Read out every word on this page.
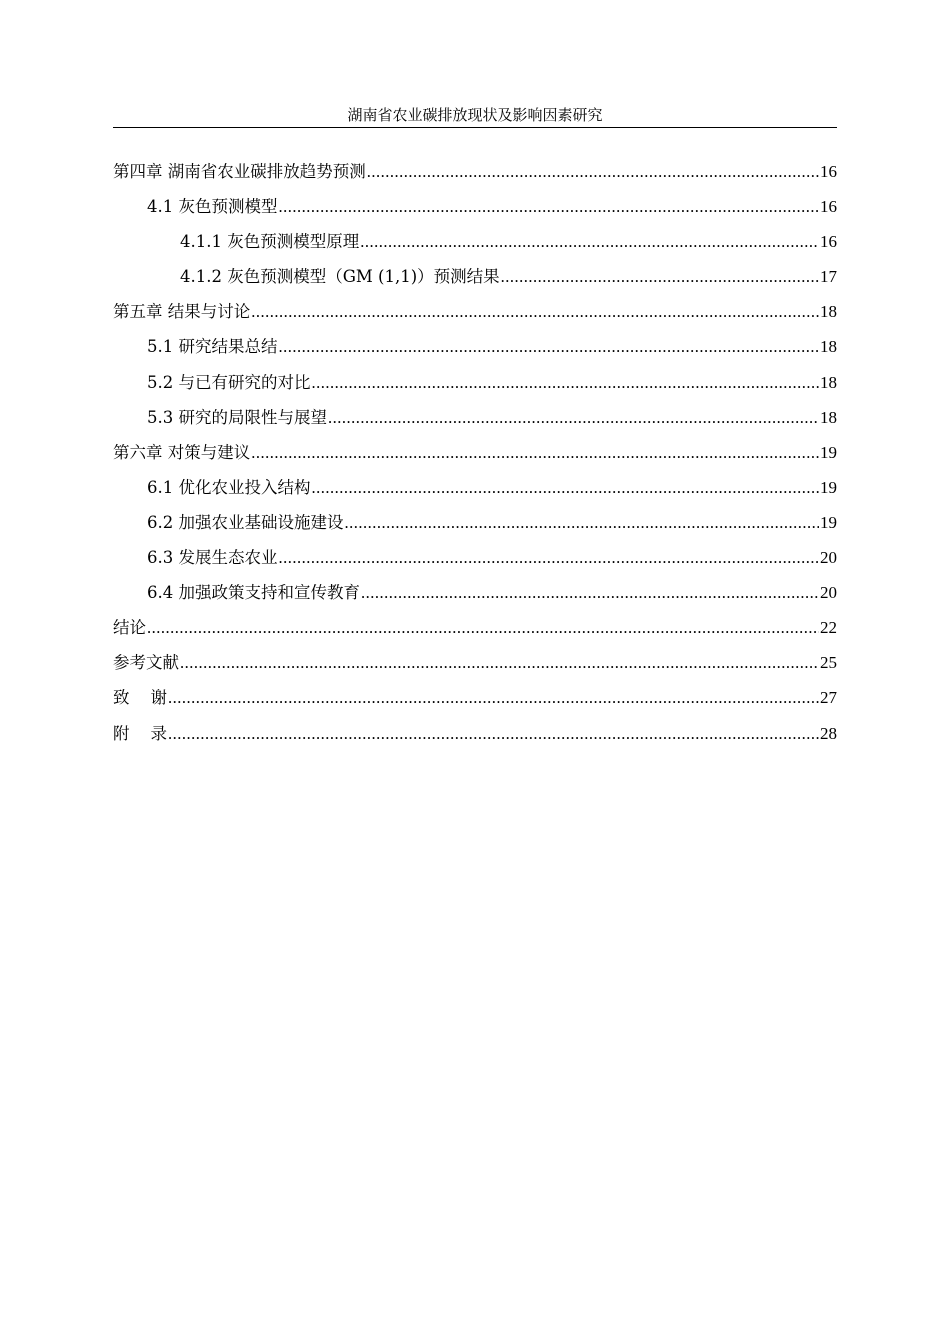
湖南省农业碳排放现状及影响因素研究
第四章 湖南省农业碳排放趋势预测 .....	16
4.1 灰色预测模型 .....	16
4.1.1 灰色预测模型原理 .....	16
4.1.2 灰色预测模型（GM (1,1)）预测结果 .....	17
第五章 结果与讨论 .....	18
5.1 研究结果总结 .....	18
5.2 与已有研究的对比 .....	18
5.3 研究的局限性与展望 .....	18
第六章 对策与建议 .....	19
6.1 优化农业投入结构 .....	19
6.2 加强农业基础设施建设 .....	19
6.3 发展生态农业 .....	20
6.4 加强政策支持和宣传教育 .....	20
结论 .....	22
参考文献 .....	25
致    谢 .....	27
附    录 .....	28
